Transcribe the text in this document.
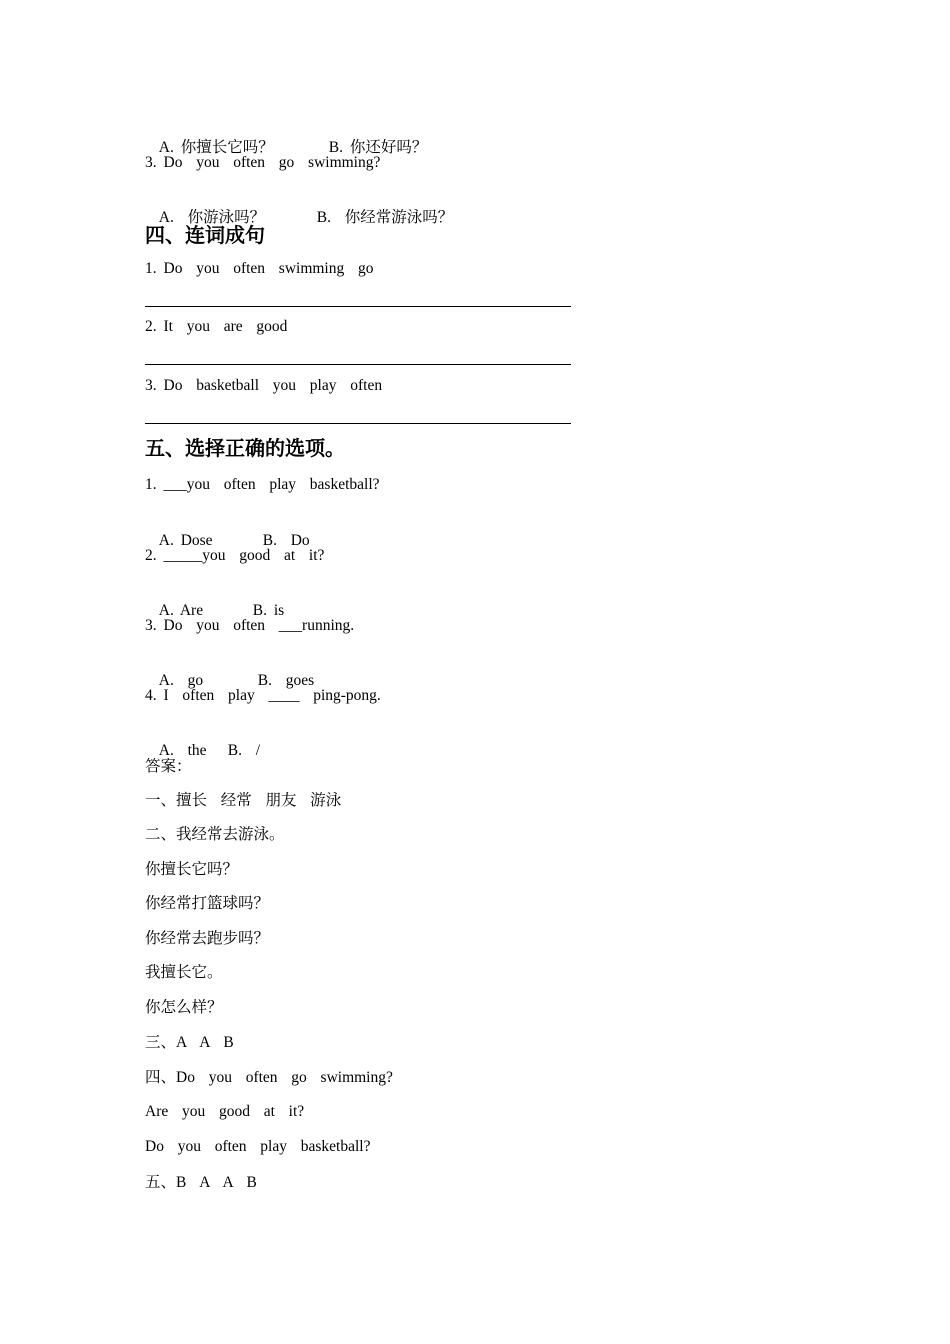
A. 你擅长它吗？	B. 你还好吗？

3. Do  you  often  go  swimming?

A.  你游泳吗？	B.  你经常游泳吗？

四、连词成句
1. Do  you  often  swimming  go
2. It  you  are  good
3. Do  basketball  you  play  often
五、选择正确的选项。
1. ___you  often  play  basketball?

A. Dose	B.  Do

2. _____you  good  at  it?

A. Are	B. is

3. Do  you  often  ___running.

A.  go	B.  goes

4. I  often  play  ____  ping-pong.

A.  the B.  /

答案：
一、擅长  经常  朋友  游泳
二、我经常去游泳。
你擅长它吗？
你经常打篮球吗？
你经常去跑步吗？
我擅长它。
你怎么样？
三、A  A  B
四、Do  you  often  go  swimming?
Are  you  good  at  it?
Do  you  often  play  basketball?
五、B  A  A  B
